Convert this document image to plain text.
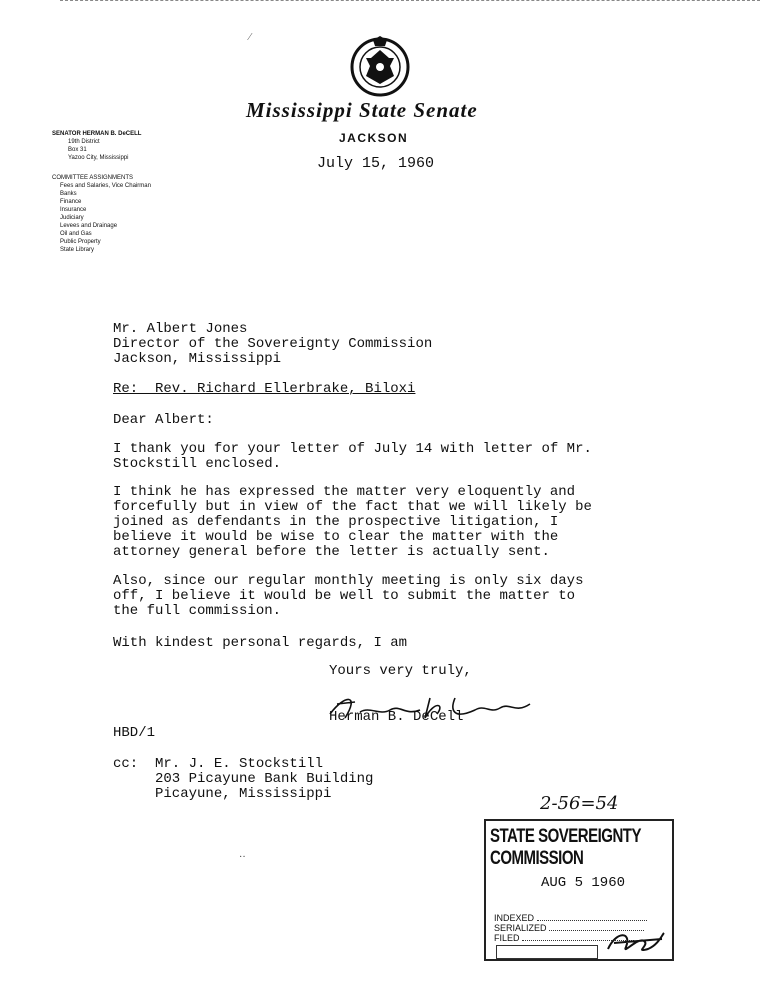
Mississippi State Senate
JACKSON
July 15, 1960
SENATOR HERMAN B. DeCELL
19th District
Box 31
Yazoo City, Mississippi
COMMITTEE ASSIGNMENTS
Fees and Salaries, Vice Chairman
Banks
Finance
Insurance
Judiciary
Levees and Drainage
Oil and Gas
Public Property
State Library
Mr. Albert Jones
Director of the Sovereignty Commission
Jackson, Mississippi
Re:  Rev. Richard Ellerbrake, Biloxi
Dear Albert:
I thank you for your letter of July 14 with letter of Mr.
Stockstill enclosed.
I think he has expressed the matter very eloquently and
forcefully but in view of the fact that we will likely be
joined as defendants in the prospective litigation, I
believe it would be wise to clear the matter with the
attorney general before the letter is actually sent.
Also, since our regular monthly meeting is only six days
off, I believe it would be well to submit the matter to
the full commission.
With kindest personal regards, I am
Yours very truly,
Herman B. DeCell
HBD/1
cc:  Mr. J. E. Stockstill
203 Picayune Bank Building
Picayune, Mississippi	2-56=54
STATE SOVEREIGNTY COMMISSION
AUG 5 1960
INDEXED
SERIALIZED
FILED
⁄
··
